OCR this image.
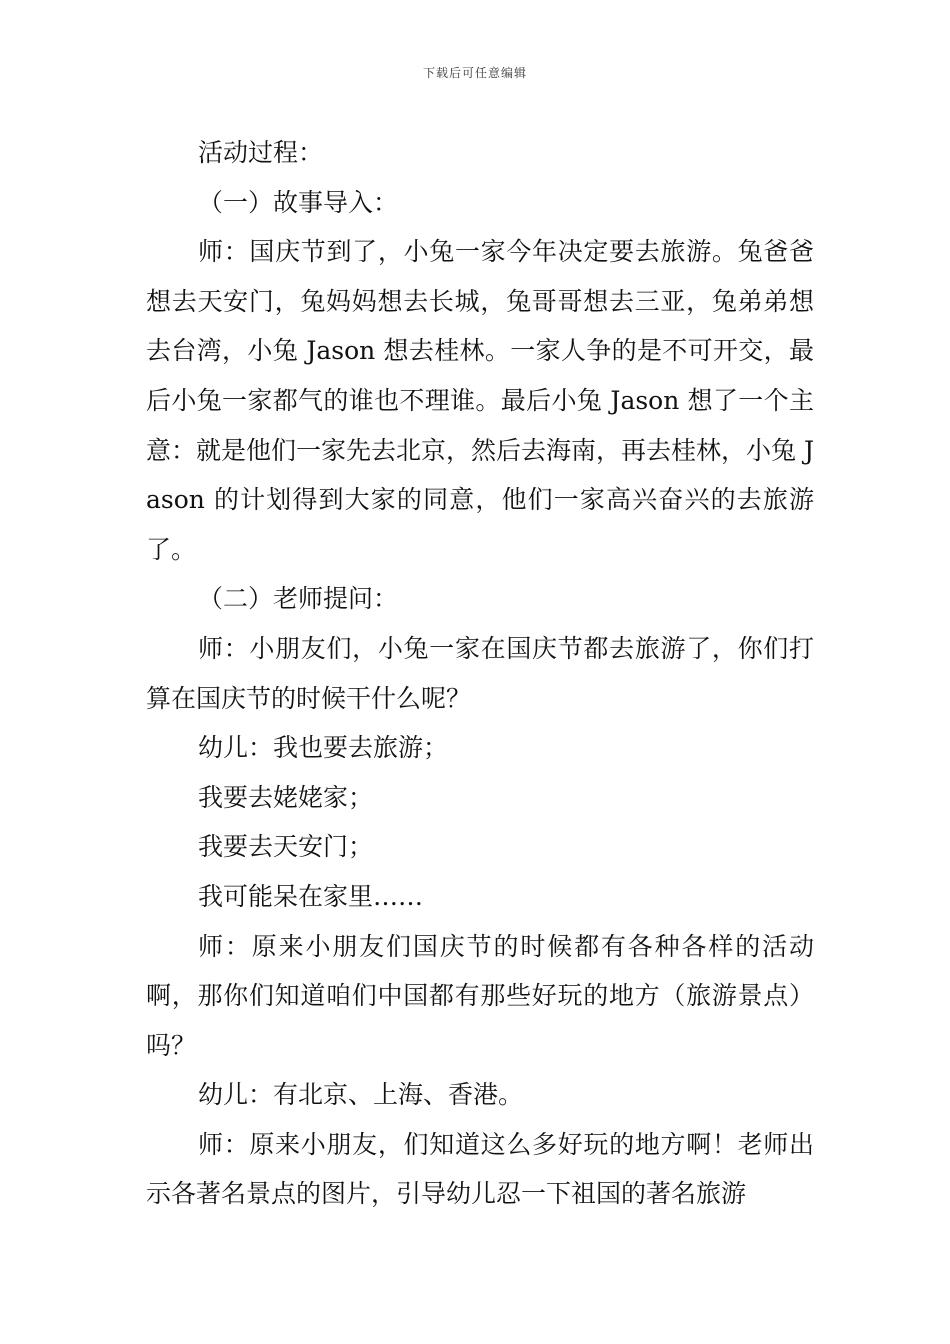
下载后可任意编辑

活动过程：

（一）故事导入：

师：国庆节到了，小兔一家今年决定要去旅游。兔爸爸想去天安门，兔妈妈想去长城，兔哥哥想去三亚，兔弟弟想去台湾，小兔 Jason 想去桂林。一家人争的是不可开交，最后小兔一家都气的谁也不理谁。最后小兔 Jason 想了一个主意：就是他们一家先去北京，然后去海南，再去桂林，小兔 Jason 的计划得到大家的同意，他们一家高兴奋兴的去旅游了。

（二）老师提问：

师：小朋友们，小兔一家在国庆节都去旅游了，你们打算在国庆节的时候干什么呢？

幼儿：我也要去旅游；

我要去姥姥家；

我要去天安门；

我可能呆在家里……

师：原来小朋友们国庆节的时候都有各种各样的活动啊，那你们知道咱们中国都有那些好玩的地方（旅游景点）吗？

幼儿：有北京、上海、香港。

师：原来小朋友，们知道这么多好玩的地方啊！老师出示各著名景点的图片，引导幼儿忍一下祖国的著名旅游
